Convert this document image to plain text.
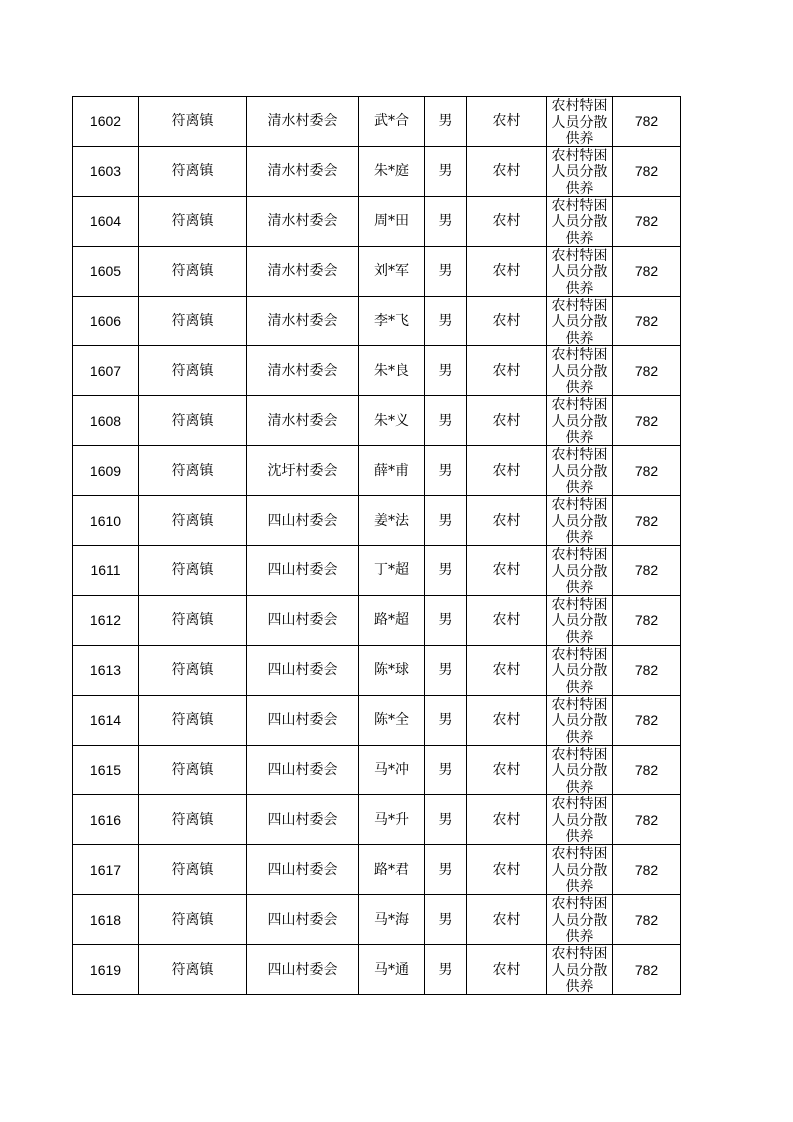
1602	符离镇	清水村委会	武*合	男	农村	农村特困
人员分散
供养	782
1603	符离镇	清水村委会	朱*庭	男	农村	农村特困
人员分散
供养	782
1604	符离镇	清水村委会	周*田	男	农村	农村特困
人员分散
供养	782
1605	符离镇	清水村委会	刘*军	男	农村	农村特困
人员分散
供养	782
1606	符离镇	清水村委会	李*飞	男	农村	农村特困
人员分散
供养	782
1607	符离镇	清水村委会	朱*良	男	农村	农村特困
人员分散
供养	782
1608	符离镇	清水村委会	朱*义	男	农村	农村特困
人员分散
供养	782
1609	符离镇	沈圩村委会	薛*甫	男	农村	农村特困
人员分散
供养	782
1610	符离镇	四山村委会	姜*法	男	农村	农村特困
人员分散
供养	782
1611	符离镇	四山村委会	丁*超	男	农村	农村特困
人员分散
供养	782
1612	符离镇	四山村委会	路*超	男	农村	农村特困
人员分散
供养	782
1613	符离镇	四山村委会	陈*球	男	农村	农村特困
人员分散
供养	782
1614	符离镇	四山村委会	陈*全	男	农村	农村特困
人员分散
供养	782
1615	符离镇	四山村委会	马*冲	男	农村	农村特困
人员分散
供养	782
1616	符离镇	四山村委会	马*升	男	农村	农村特困
人员分散
供养	782
1617	符离镇	四山村委会	路*君	男	农村	农村特困
人员分散
供养	782
1618	符离镇	四山村委会	马*海	男	农村	农村特困
人员分散
供养	782
1619	符离镇	四山村委会	马*通	男	农村	农村特困
人员分散
供养	782
